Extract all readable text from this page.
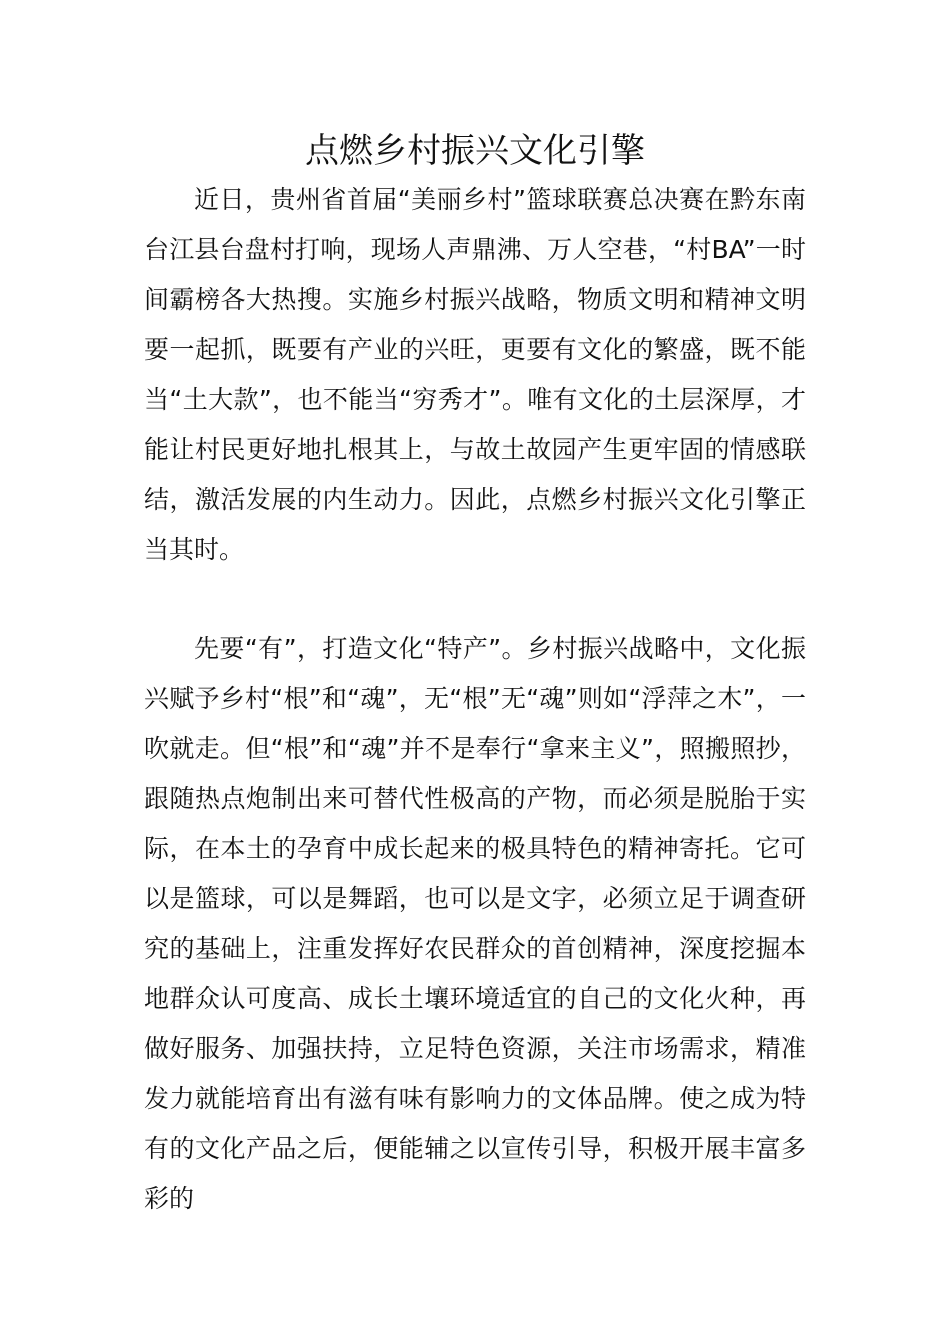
点燃乡村振兴文化引擎

近日，贵州省首届“美丽乡村”篮球联赛总决赛在黔东南台江县台盘村打响，现场人声鼎沸、万人空巷，“村BA”一时间霸榜各大热搜。实施乡村振兴战略，物质文明和精神文明要一起抓，既要有产业的兴旺，更要有文化的繁盛，既不能当“土大款”，也不能当“穷秀才”。唯有文化的土层深厚，才能让村民更好地扎根其上，与故土故园产生更牢固的情感联结，激活发展的内生动力。因此，点燃乡村振兴文化引擎正当其时。

先要“有”，打造文化“特产”。乡村振兴战略中，文化振兴赋予乡村“根”和“魂”，无“根”无“魂”则如“浮萍之木”，一吹就走。但“根”和“魂”并不是奉行“拿来主义”，照搬照抄，跟随热点炮制出来可替代性极高的产物，而必须是脱胎于实际，在本土的孕育中成长起来的极具特色的精神寄托。它可以是篮球，可以是舞蹈，也可以是文字，必须立足于调查研究的基础上，注重发挥好农民群众的首创精神，深度挖掘本地群众认可度高、成长土壤环境适宜的自己的文化火种，再做好服务、加强扶持，立足特色资源，关注市场需求，精准发力就能培育出有滋有味有影响力的文体品牌。使之成为特有的文化产品之后，便能辅之以宣传引导，积极开展丰富多彩的
